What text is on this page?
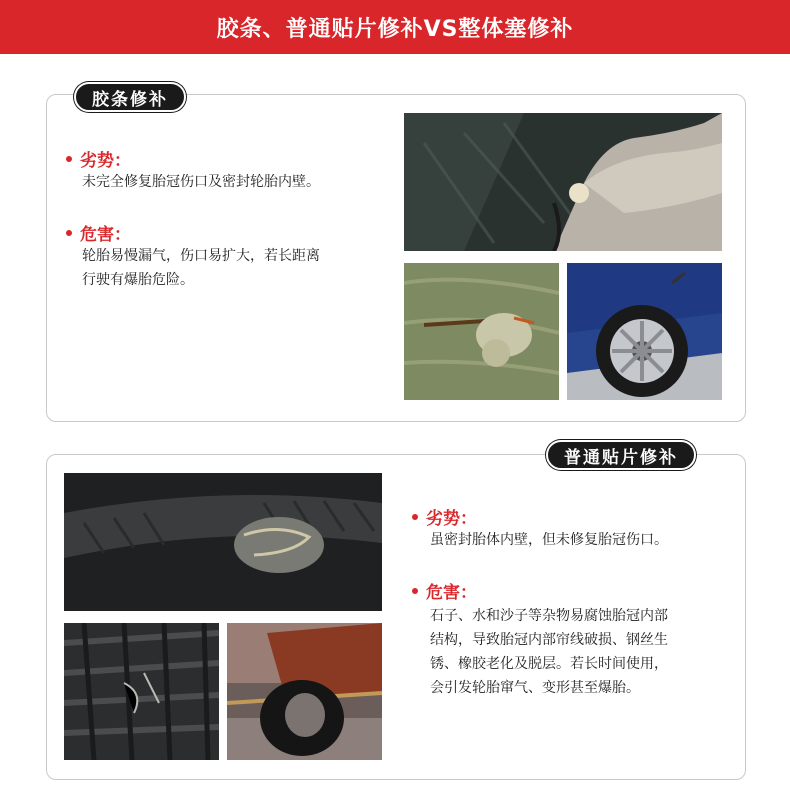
胶条、普通贴片修补VS整体塞修补
胶条修补
劣势：
未完全修复胎冠伤口及密封轮胎内壁。
危害：
轮胎易慢漏气，伤口易扩大，若长距离
行驶有爆胎危险。
普通贴片修补
劣势：
虽密封胎体内壁，但未修复胎冠伤口。
危害：
石子、水和沙子等杂物易腐蚀胎冠内部
结构，导致胎冠内部帘线破损、钢丝生
锈、橡胶老化及脱层。若长时间使用，
会引发轮胎窜气、变形甚至爆胎。
